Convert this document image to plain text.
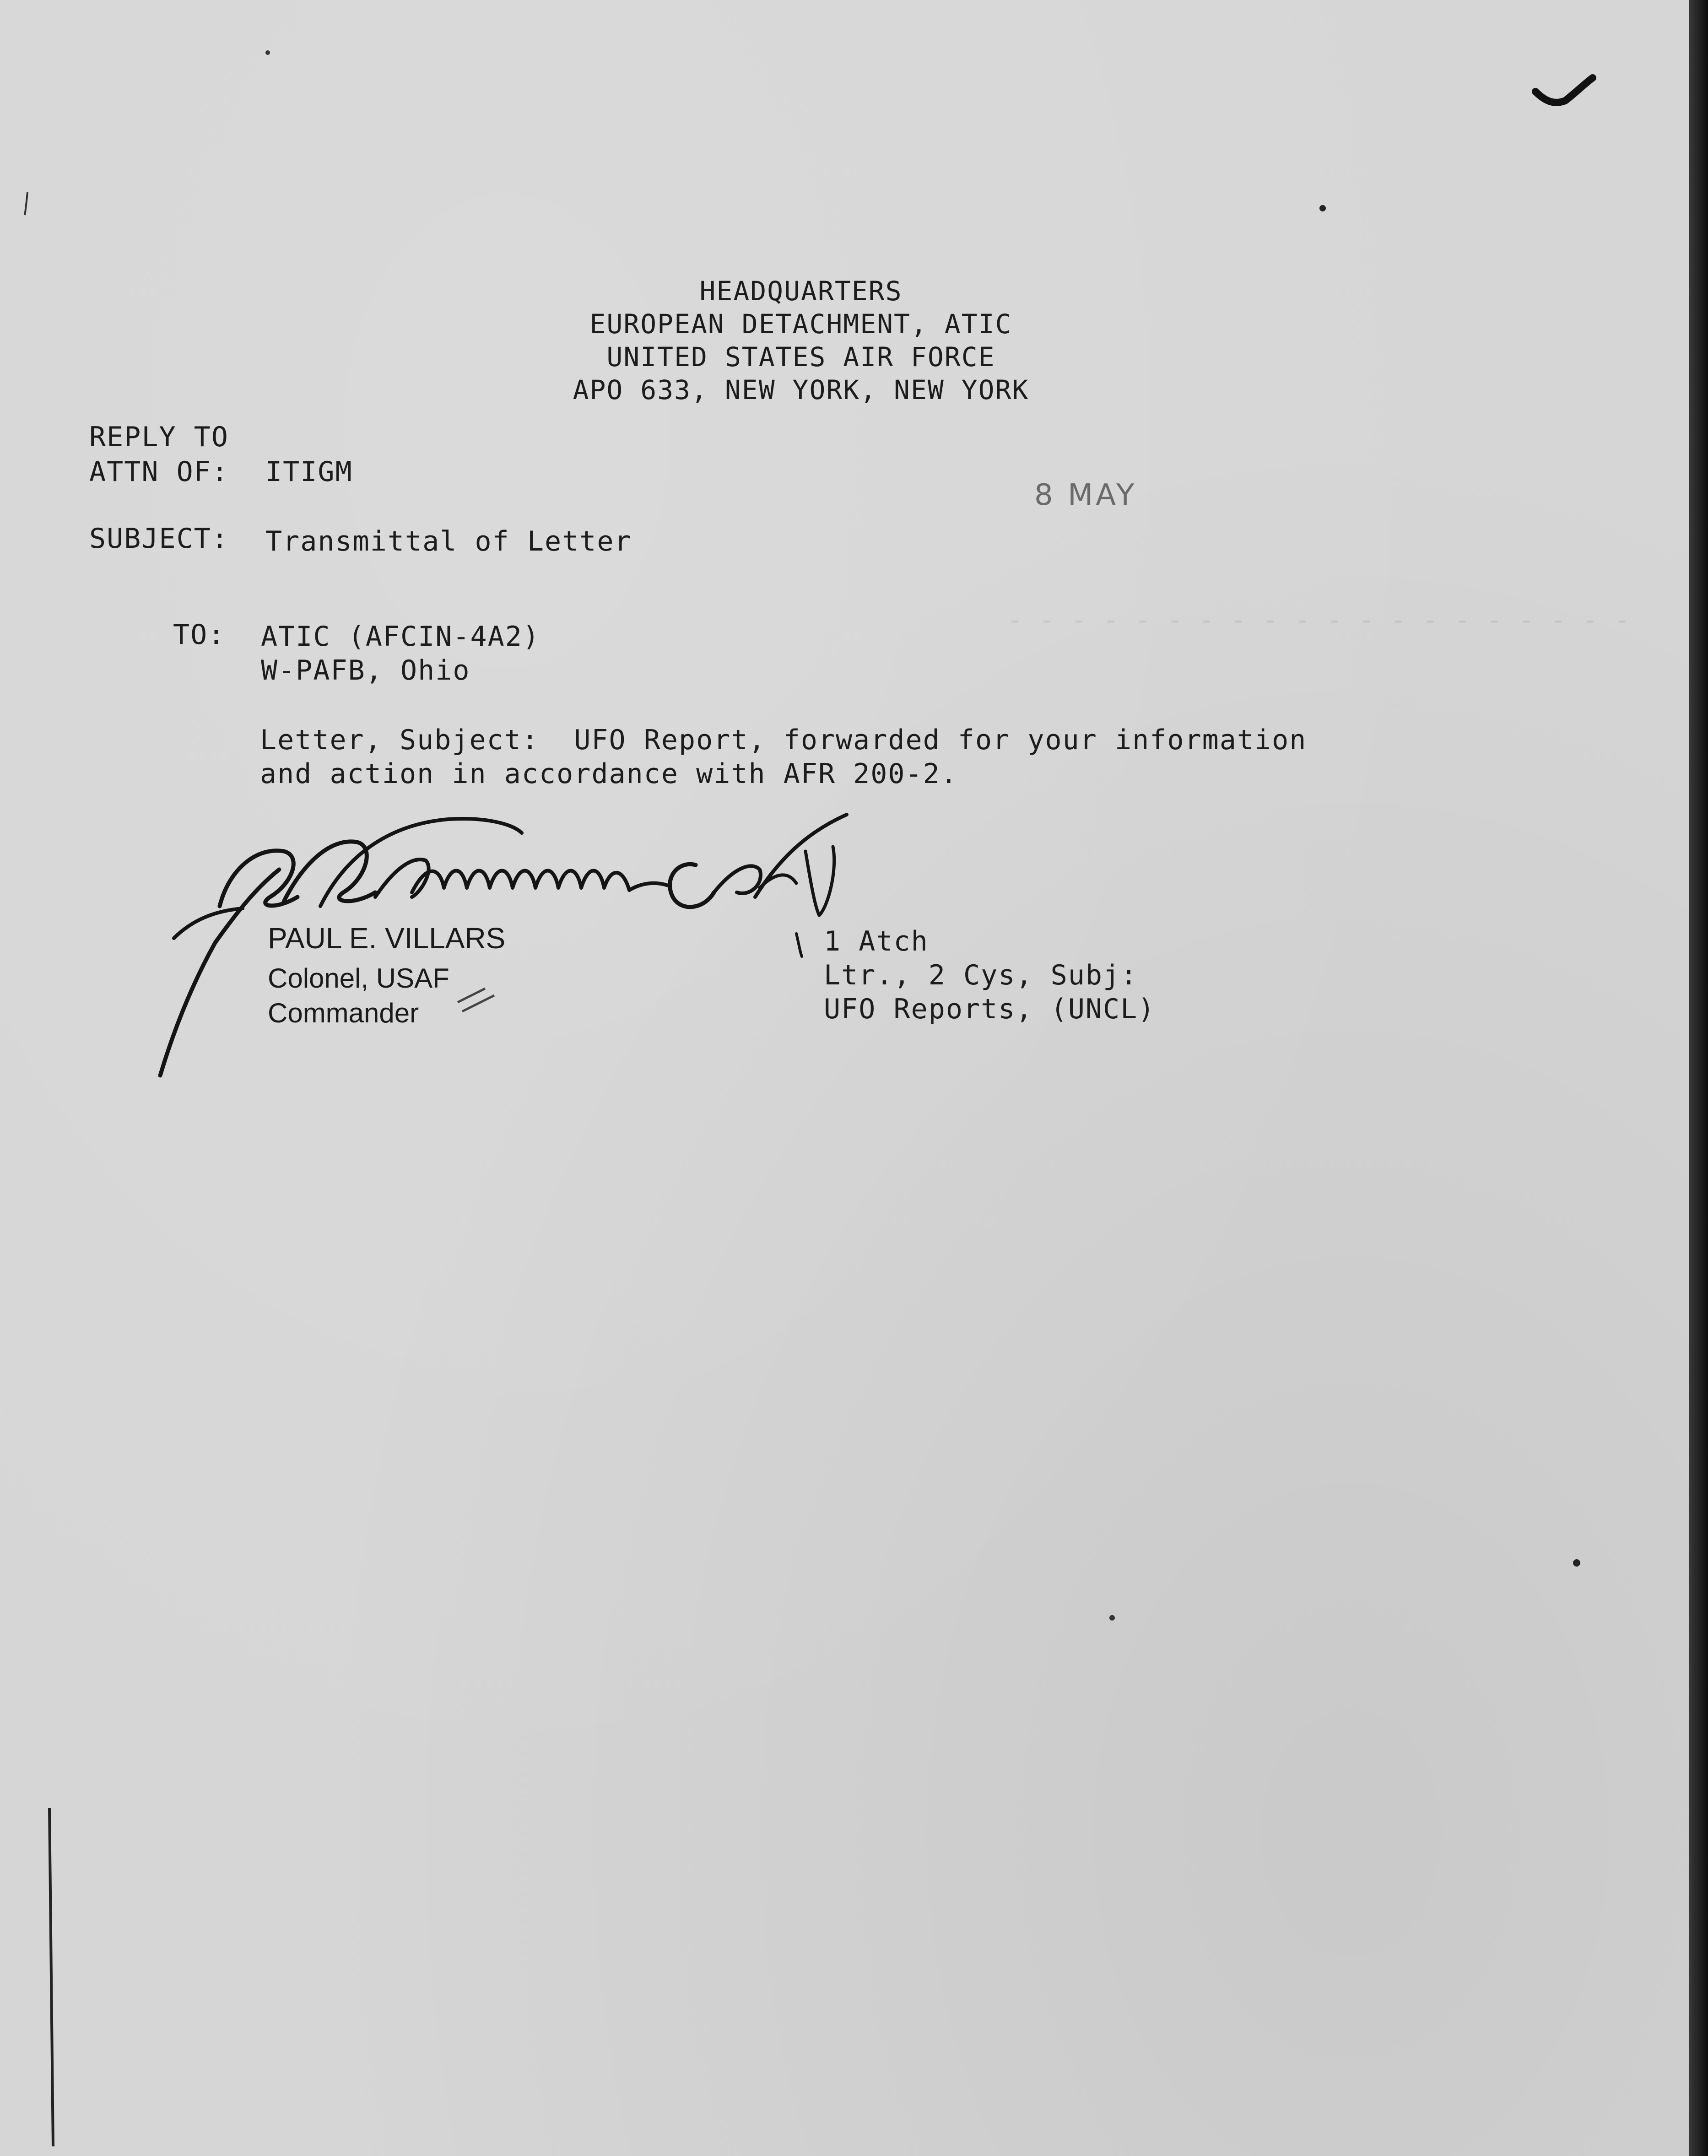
- - - - - - - - - - - - - - - - - - - -
HEADQUARTERS
EUROPEAN DETACHMENT, ATIC
UNITED STATES AIR FORCE
APO 633, NEW YORK, NEW YORK
REPLY TO
ATTN OF: ITIGM
8 MAY
SUBJECT: Transmittal of Letter
TO: ATIC (AFCIN-4A2)
W-PAFB, Ohio
Letter, Subject:  UFO Report, forwarded for your information
and action in accordance with AFR 200-2.
PAUL E. VILLARS
Colonel, USAF
Commander
1 Atch
Ltr., 2 Cys, Subj:
UFO Reports, (UNCL)
